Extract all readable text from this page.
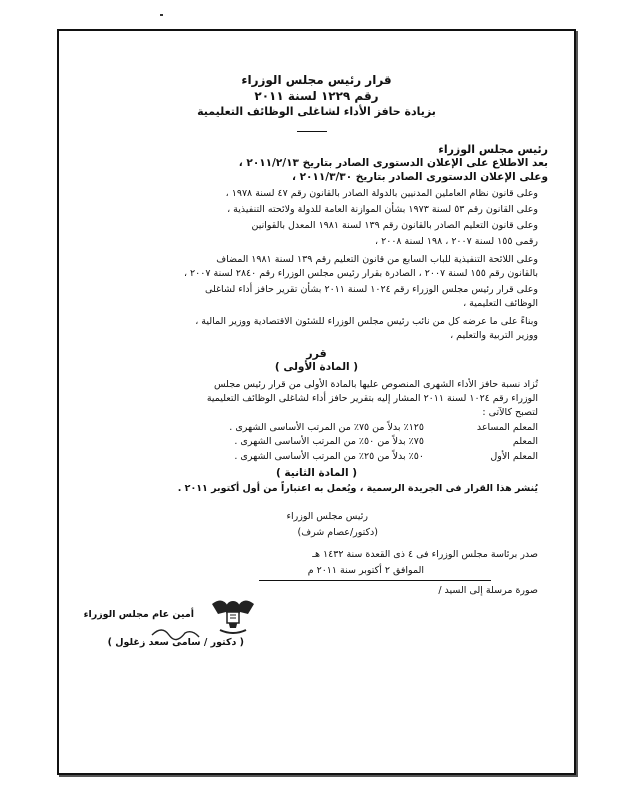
قرار رئيس مجلس الوزراء
رقم ١٢٢٩ لسنة ٢٠١١
بزيادة حافز الأداء لشاغلى الوظائف التعليمية
رئيس مجلس الوزراء
بعد الاطلاع على الإعلان الدستورى الصادر بتاريخ ٢٠١١/٢/١٣ ،
وعلى الإعلان الدستورى الصادر بتاريخ ٢٠١١/٣/٣٠ ،
وعلى قانون نظام العاملين المدنيين بالدولة الصادر بالقانون رقم ٤٧ لسنة ١٩٧٨ ،
وعلى القانون رقم ٥٣ لسنة ١٩٧٣ بشأن الموازنة العامة للدولة ولائحته التنفيذية ،
وعلى قانون التعليم الصادر بالقانون رقم ١٣٩ لسنة ١٩٨١ المعدل بالقوانين
رقمى ١٥٥ لسنة ٢٠٠٧ ، ١٩٨ لسنة ٢٠٠٨ ،
وعلى اللائحة التنفيذية للباب السابع من قانون التعليم رقم ١٣٩ لسنة ١٩٨١ المضاف
بالقانون رقم ١٥٥ لسنة ٢٠٠٧ ، الصادرة بقرار رئيس مجلس الوزراء رقم ٢٨٤٠ لسنة ٢٠٠٧ ،
وعلى قرار رئيس مجلس الوزراء رقم ١٠٢٤ لسنة ٢٠١١ بشأن تقرير حافز أداء لشاغلى
الوظائف التعليمية ،
وبناءً على ما عرضه كل من نائب رئيس مجلس الوزراء للشئون الاقتصادية ووزير المالية ،
ووزير التربية والتعليم ،
قرر
( المادة الأولى )
تُزاد نسبة حافز الأداء الشهرى المنصوص عليها بالمادة الأولى من قرار رئيس مجلس
الوزراء رقم ١٠٢٤ لسنة ٢٠١١ المشار إليه بتقرير حافز أداء لشاغلى الوظائف التعليمية
لتصبح كالآتى :
المعلم المساعد
١٢٥٪ بدلاً من ٧٥٪ من المرتب الأساسى الشهرى .
المعلم
٧٥٪ بدلاً من ٥٠٪ من المرتب الأساسى الشهرى .
المعلم الأول
٥٠٪ بدلاً من ٢٥٪ من المرتب الأساسى الشهرى .
( المادة الثانية )
يُنشر هذا القرار فى الجريدة الرسمية ، ويُعمل به اعتباراً من أول أكتوبر ٢٠١١ .
رئيس مجلس الوزراء
(دكتور/عصام شرف)
صدر برئاسة مجلس الوزراء فى ٤ ذى القعدة سنة ١٤٣٢ هـ
الموافق ٢ أكتوبر سنة ٢٠١١ م
صورة مرسلة إلى السيد /
أمين عام مجلس الوزراء
( دكتور / سامى سعد زغلول )
